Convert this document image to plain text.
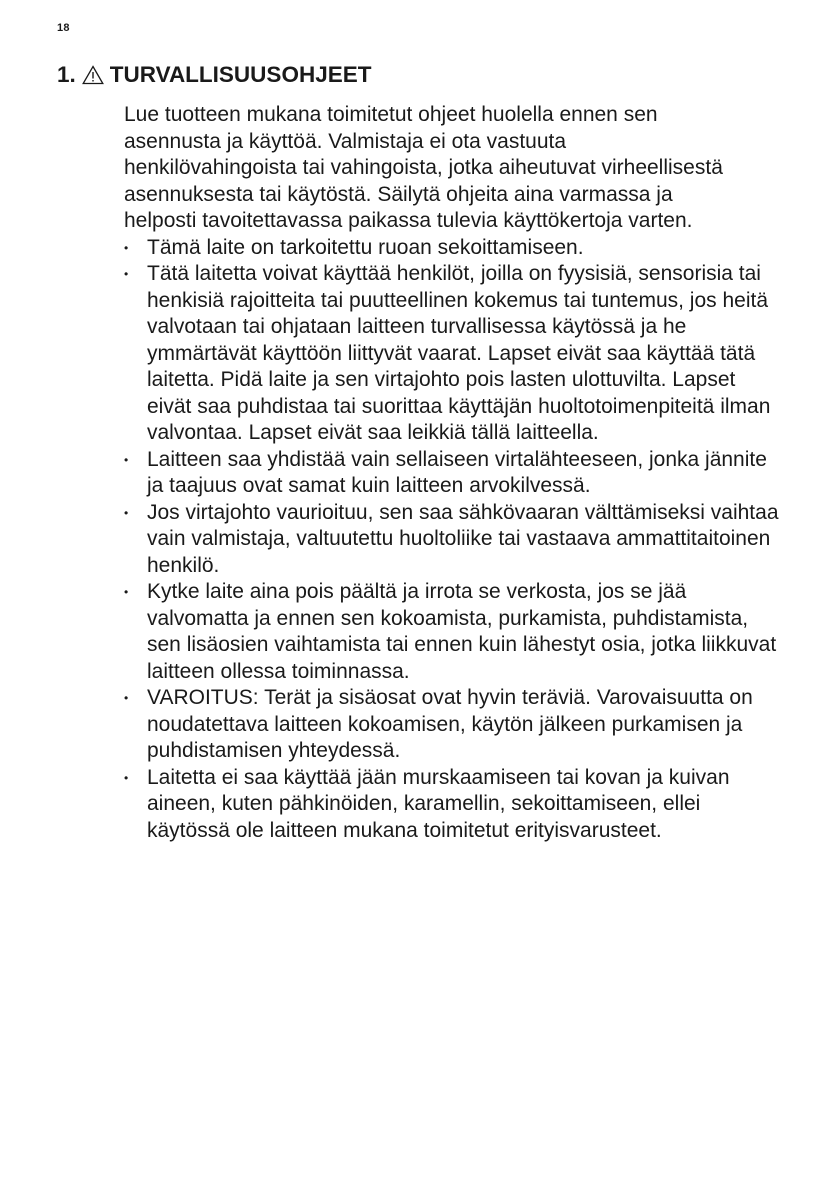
18
1. TURVALLISUUSOHJEET

Lue tuotteen mukana toimitetut ohjeet huolella ennen sen asennusta ja käyttöä. Valmistaja ei ota vastuuta henkilövahingoista tai vahingoista, jotka aiheutuvat virheellisestä asennuksesta tai käytöstä. Säilytä ohjeita aina varmassa ja helposti tavoitettavassa paikassa tulevia käyttökertoja varten.

• Tämä laite on tarkoitettu ruoan sekoittamiseen.
• Tätä laitetta voivat käyttää henkilöt, joilla on fyysisiä, sensorisia tai henkisiä rajoitteita tai puutteellinen kokemus tai tuntemus, jos heitä valvotaan tai ohjataan laitteen turvallisessa käytössä ja he ymmärtävät käyttöön liittyvät vaarat. Lapset eivät saa käyttää tätä laitetta. Pidä laite ja sen virtajohto pois lasten ulottuvilta. Lapset eivät saa puhdistaa tai suorittaa käyttäjän huoltotoimenpiteitä ilman valvontaa. Lapset eivät saa leikkiä tällä laitteella.
• Laitteen saa yhdistää vain sellaiseen virtalähteeseen, jonka jännite ja taajuus ovat samat kuin laitteen arvokilvessä.
• Jos virtajohto vaurioituu, sen saa sähkövaaran välttämiseksi vaihtaa vain valmistaja, valtuutettu huoltoliike tai vastaava ammattitaitoinen henkilö.
• Kytke laite aina pois päältä ja irrota se verkosta, jos se jää valvomatta ja ennen sen kokoamista, purkamista, puhdistamista, sen lisäosien vaihtamista tai ennen kuin lähestyt osia, jotka liikkuvat laitteen ollessa toiminnassa.
• VAROITUS: Terät ja sisäosat ovat hyvin teräviä. Varovaisuutta on noudatettava laitteen kokoamisen, käytön jälkeen purkamisen ja puhdistamisen yhteydessä.
• Laitetta ei saa käyttää jään murskaamiseen tai kovan ja kuivan aineen, kuten pähkinöiden, karamellin, sekoittamiseen, ellei käytössä ole laitteen mukana toimitetut erityisvarusteet.
